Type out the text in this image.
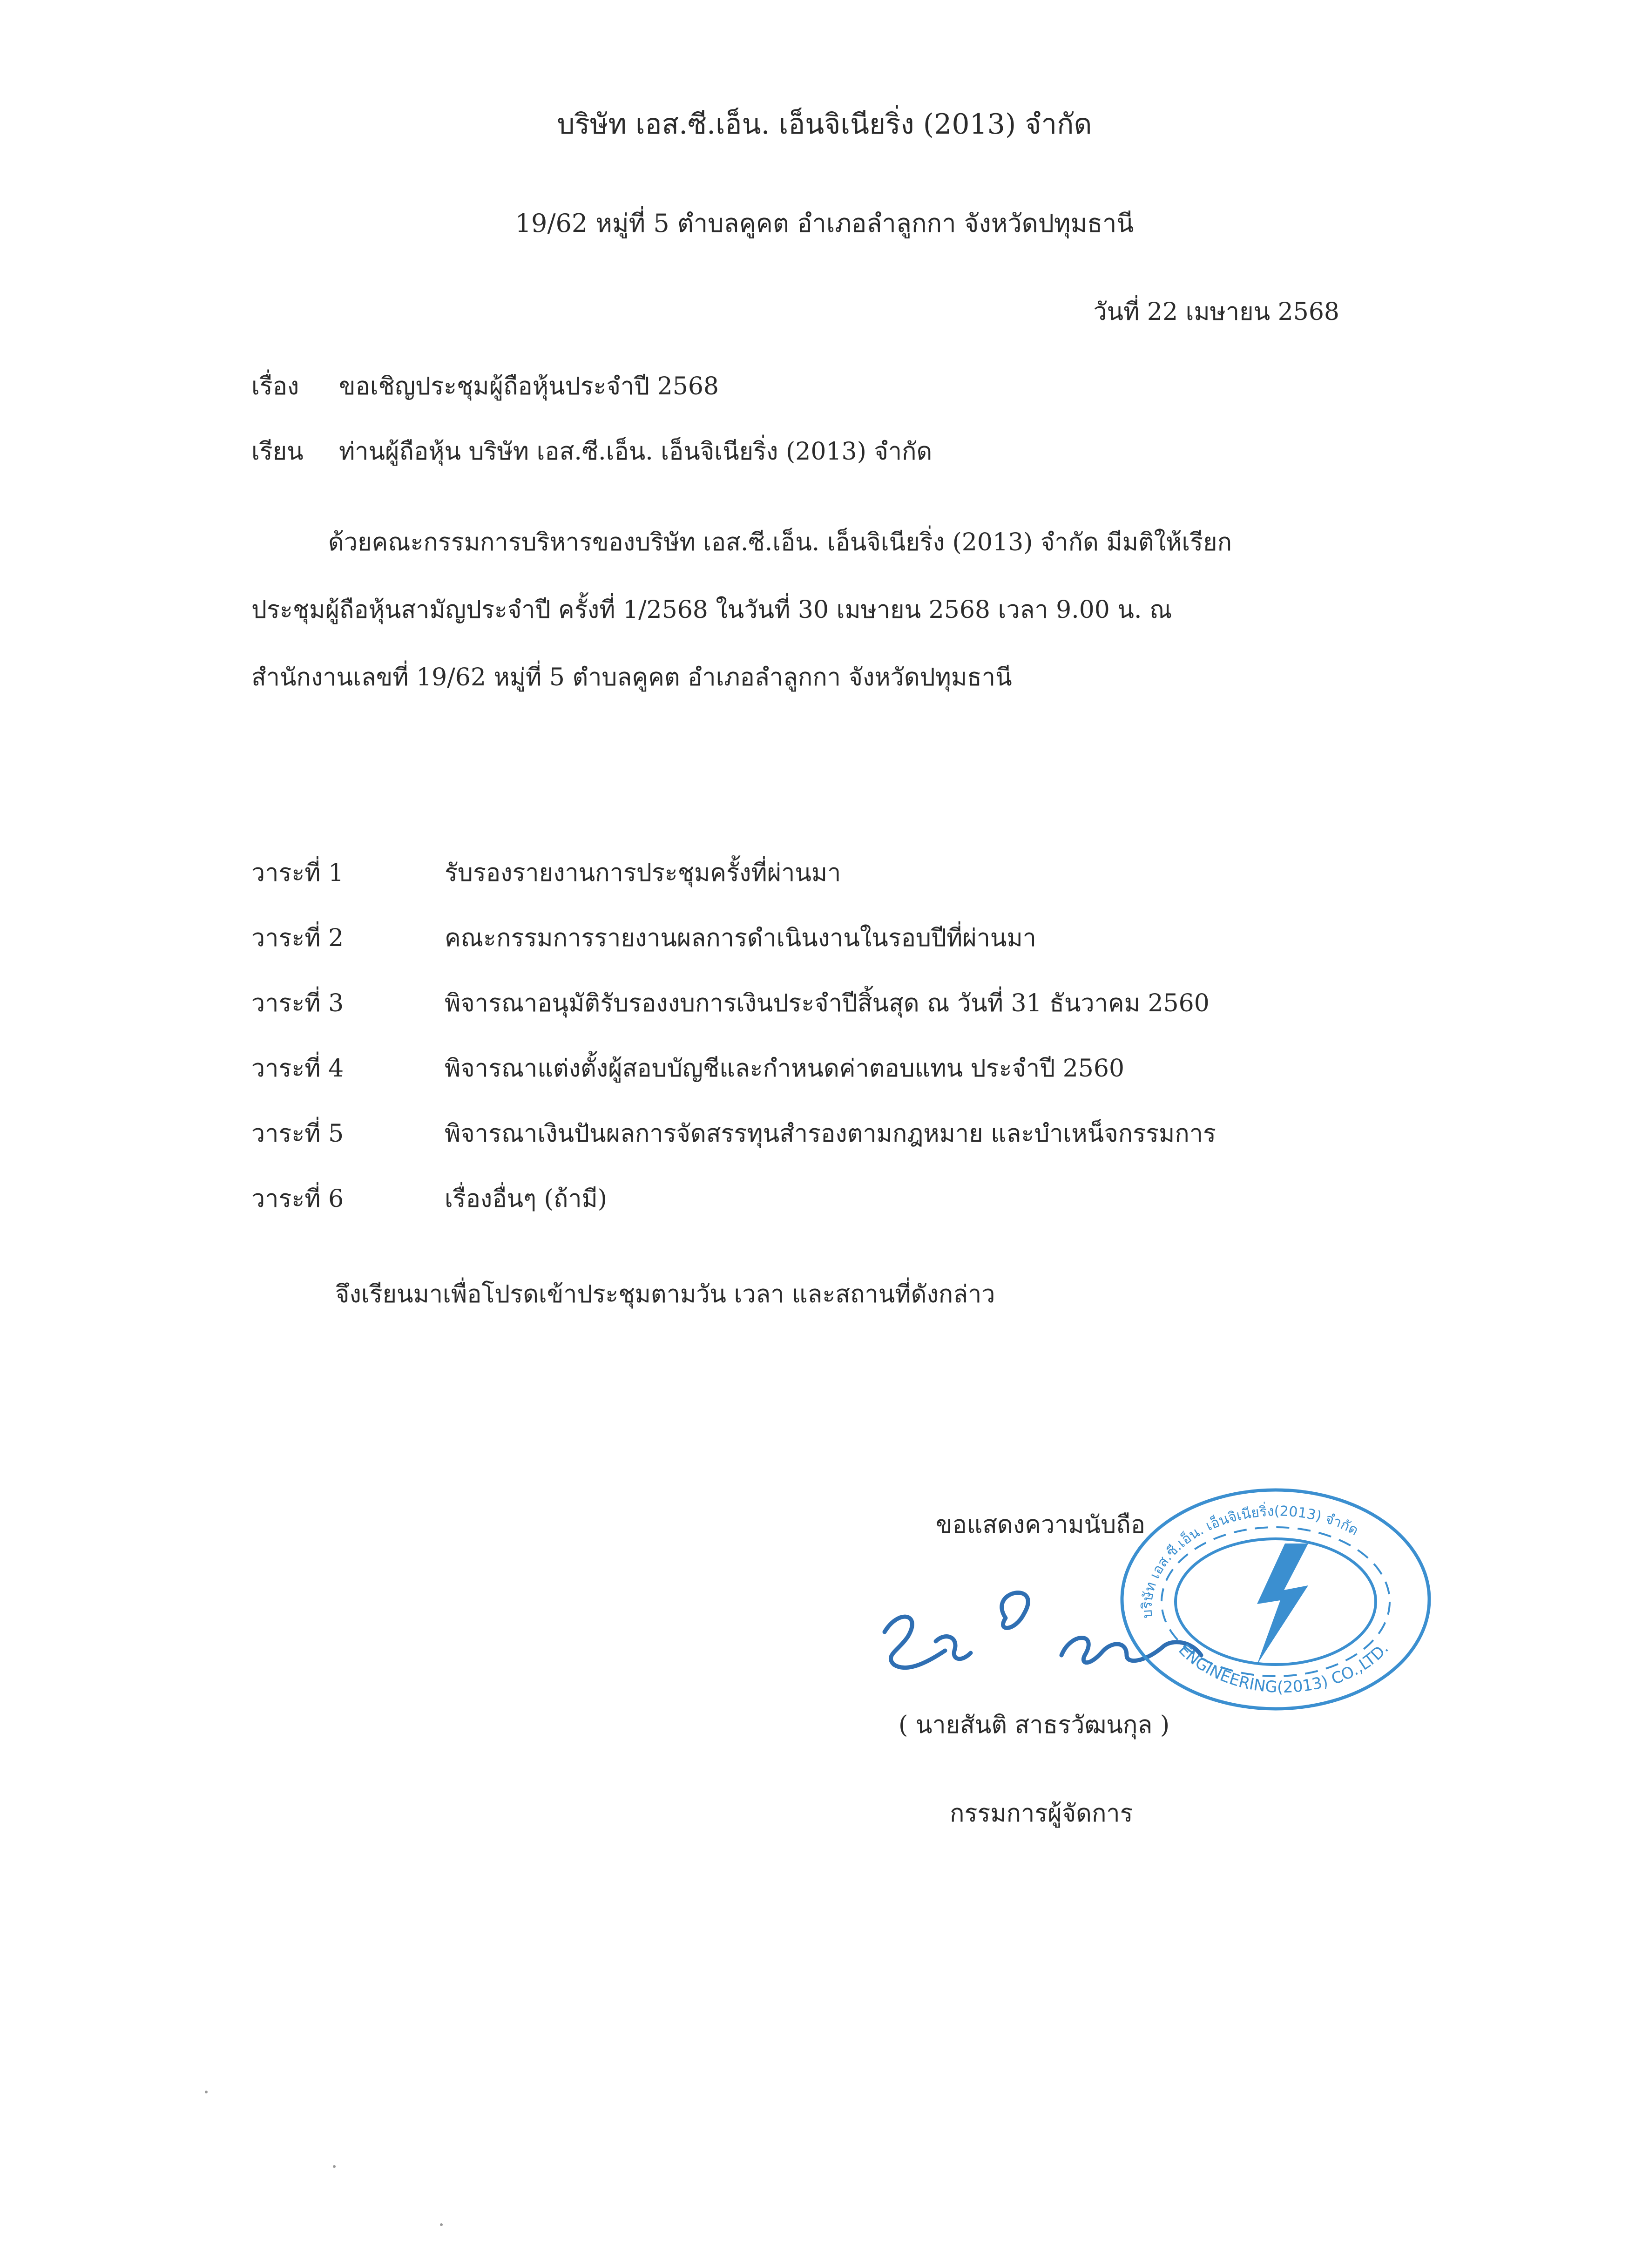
บริษัท เอส.ซี.เอ็น. เอ็นจิเนียริ่ง (2013) จำกัด
19/62 หมู่ที่ 5 ตำบลคูคต อำเภอลำลูกกา จังหวัดปทุมธานี
วันที่ 22 เมษายน 2568
เรื่อง ขอเชิญประชุมผู้ถือหุ้นประจำปี 2568
เรียน ท่านผู้ถือหุ้น บริษัท เอส.ซี.เอ็น. เอ็นจิเนียริ่ง (2013) จำกัด
ด้วยคณะกรรมการบริหารของบริษัท เอส.ซี.เอ็น. เอ็นจิเนียริ่ง (2013) จำกัด มีมติให้เรียก
ประชุมผู้ถือหุ้นสามัญประจำปี ครั้งที่ 1/2568 ในวันที่ 30 เมษายน 2568 เวลา 9.00 น. ณ
สำนักงานเลขที่ 19/62 หมู่ที่ 5 ตำบลคูคต อำเภอลำลูกกา จังหวัดปทุมธานี
วาระที่ 1	รับรองรายงานการประชุมครั้งที่ผ่านมา
วาระที่ 2	คณะกรรมการรายงานผลการดำเนินงานในรอบปีที่ผ่านมา
วาระที่ 3	พิจารณาอนุมัติรับรองงบการเงินประจำปีสิ้นสุด ณ วันที่ 31 ธันวาคม 2560
วาระที่ 4	พิจารณาแต่งตั้งผู้สอบบัญชีและกำหนดค่าตอบแทน ประจำปี 2560
วาระที่ 5	พิจารณาเงินปันผลการจัดสรรทุนสำรองตามกฎหมาย และบำเหน็จกรรมการ
วาระที่ 6	เรื่องอื่นๆ (ถ้ามี)
จึงเรียนมาเพื่อโปรดเข้าประชุมตามวัน เวลา และสถานที่ดังกล่าว
ขอแสดงความนับถือ
บริษัท เอส.ซี.เอ็น. เอ็นจิเนียริ่ง(2013) จำกัด
ENGINEERING(2013) CO.,LTD.
( นายสันติ สาธรวัฒนกุล )
กรรมการผู้จัดการ
